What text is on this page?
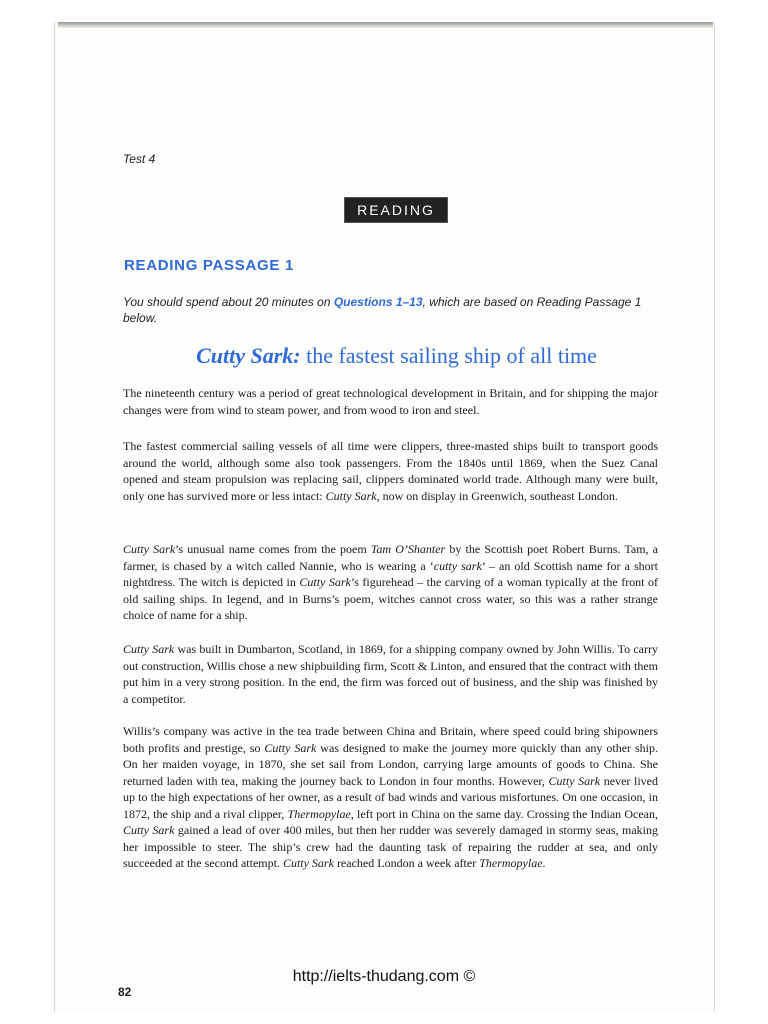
Test 4
READING
READING PASSAGE 1
You should spend about 20 minutes on Questions 1–13, which are based on Reading Passage 1 below.
Cutty Sark: the fastest sailing ship of all time
The nineteenth century was a period of great technological development in Britain, and for shipping the major changes were from wind to steam power, and from wood to iron and steel.
The fastest commercial sailing vessels of all time were clippers, three-masted ships built to transport goods around the world, although some also took passengers. From the 1840s until 1869, when the Suez Canal opened and steam propulsion was replacing sail, clippers dominated world trade. Although many were built, only one has survived more or less intact: Cutty Sark, now on display in Greenwich, southeast London.
Cutty Sark’s unusual name comes from the poem Tam O’Shanter by the Scottish poet Robert Burns. Tam, a farmer, is chased by a witch called Nannie, who is wearing a ‘cutty sark’ – an old Scottish name for a short nightdress. The witch is depicted in Cutty Sark’s figurehead – the carving of a woman typically at the front of old sailing ships. In legend, and in Burns’s poem, witches cannot cross water, so this was a rather strange choice of name for a ship.
Cutty Sark was built in Dumbarton, Scotland, in 1869, for a shipping company owned by John Willis. To carry out construction, Willis chose a new shipbuilding firm, Scott & Linton, and ensured that the contract with them put him in a very strong position. In the end, the firm was forced out of business, and the ship was finished by a competitor.
Willis’s company was active in the tea trade between China and Britain, where speed could bring shipowners both profits and prestige, so Cutty Sark was designed to make the journey more quickly than any other ship. On her maiden voyage, in 1870, she set sail from London, carrying large amounts of goods to China. She returned laden with tea, making the journey back to London in four months. However, Cutty Sark never lived up to the high expectations of her owner, as a result of bad winds and various misfortunes. On one occasion, in 1872, the ship and a rival clipper, Thermopylae, left port in China on the same day. Crossing the Indian Ocean, Cutty Sark gained a lead of over 400 miles, but then her rudder was severely damaged in stormy seas, making her impossible to steer. The ship’s crew had the daunting task of repairing the rudder at sea, and only succeeded at the second attempt. Cutty Sark reached London a week after Thermopylae.
http://ielts-thudang.com ©
82
